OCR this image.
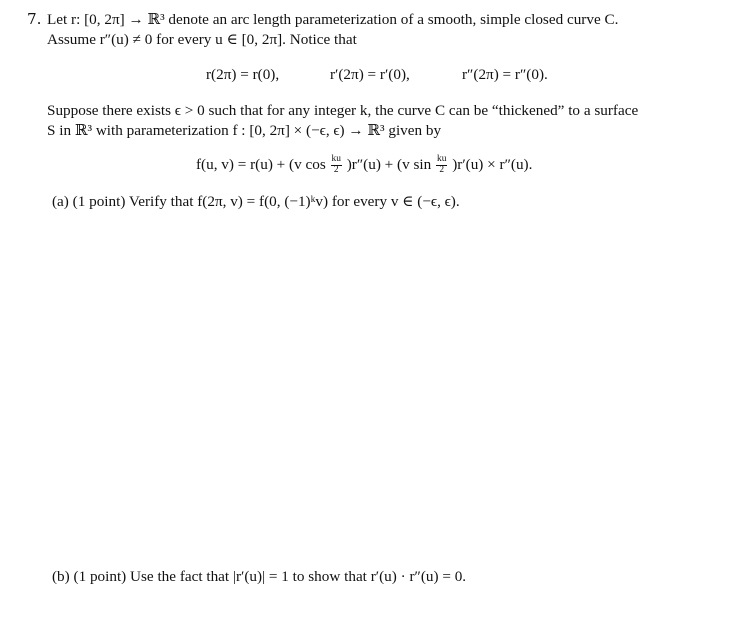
7. Let r: [0, 2π] → ℝ³ denote an arc length parameterization of a smooth, simple closed curve C.
Assume r″(u) ≠ 0 for every u ∈ [0, 2π]. Notice that
r(2π) = r(0),	r′(2π) = r′(0),	r″(2π) = r″(0).
Suppose there exists ϵ > 0 such that for any integer k, the curve C can be “thickened” to a surface
S in ℝ³ with parameterization f : [0, 2π] × (−ϵ, ϵ) → ℝ³ given by
f(u, v) = r(u) + (v $\cos \frac{ku}{2} )r''(u) + (v$ $\sin \frac{ku}{2} )r'(u) \times r''(u)$.
(a) (1 point) Verify that f(2π, v) = f(0, (−1)ᵏv) for every v ∈ (−ϵ, ϵ).
(b) (1 point) Use the fact that |r′(u)| = 1 to show that r′(u) · r″(u) = 0.
